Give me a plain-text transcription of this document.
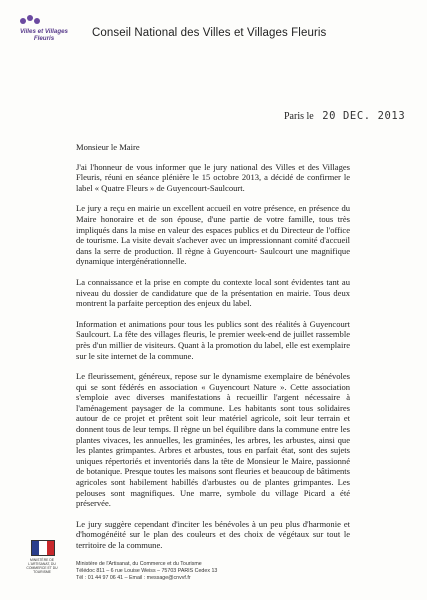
Villes et Villages
Fleuris	Conseil National des Villes et Villages Fleuris
Paris le 20 DEC. 2013

Monsieur le Maire

J'ai l'honneur de vous informer que le jury national des Villes et des Villages Fleuris, réuni en séance plénière le 15 octobre 2013, a décidé de confirmer le label « Quatre Fleurs » de Guyencourt-Saulcourt.

Le jury a reçu en mairie un excellent accueil en votre présence, en présence du Maire honoraire et de son épouse, d'une partie de votre famille, tous très impliqués dans la mise en valeur des espaces publics et du Directeur de l'office de tourisme. La visite devait s'achever avec un impressionnant comité d'accueil dans la serre de production. Il règne à Guyencourt- Saulcourt une magnifique dynamique intergénérationnelle.

La connaissance et la prise en compte du contexte local sont évidentes tant au niveau du dossier de candidature que de la présentation en mairie. Tous deux montrent la parfaite perception des enjeux du label.

Information et animations pour tous les publics sont des réalités à Guyencourt Saulcourt. La fête des villages fleuris, le premier week-end de juillet rassemble près d'un millier de visiteurs. Quant à la promotion du label, elle est exemplaire sur le site internet de la commune.

Le fleurissement, généreux, repose sur le dynamisme exemplaire de bénévoles qui se sont fédérés en association « Guyencourt Nature ». Cette association s'emploie avec diverses manifestations à recueillir l'argent nécessaire à l'aménagement paysager de la commune. Les habitants sont tous solidaires autour de ce projet et prêtent soit leur matériel agricole, soit leur terrain et donnent tous de leur temps. Il règne un bel équilibre dans la commune entre les plantes vivaces, les annuelles, les graminées, les arbres, les arbustes, ainsi que les plantes grimpantes. Arbres et arbustes, tous en parfait état, sont des sujets uniques répertoriés et inventoriés dans la tête de Monsieur le Maire, passionné de botanique. Presque toutes les maisons sont fleuries et beaucoup de bâtiments agricoles sont habilement habillés d'arbustes ou de plantes grimpantes. Les pelouses sont magnifiques. Une marre, symbole du village Picard a été préservée.

Le jury suggère cependant d'inciter les bénévoles à un peu plus d'harmonie et d'homogénéité sur le plan des couleurs et des choix de végétaux sur tout le territoire de la commune.

MINISTÈRE DE L'ARTISANAT, DU COMMERCE ET DU TOURISME
Ministère de l'Artisanat, du Commerce et du Tourisme
Télédoc 811 – 6 rue Louise Weiss – 75703 PARIS Cedex 13
Tél : 01 44 97 06 41 – Email : message@cnvvf.fr
